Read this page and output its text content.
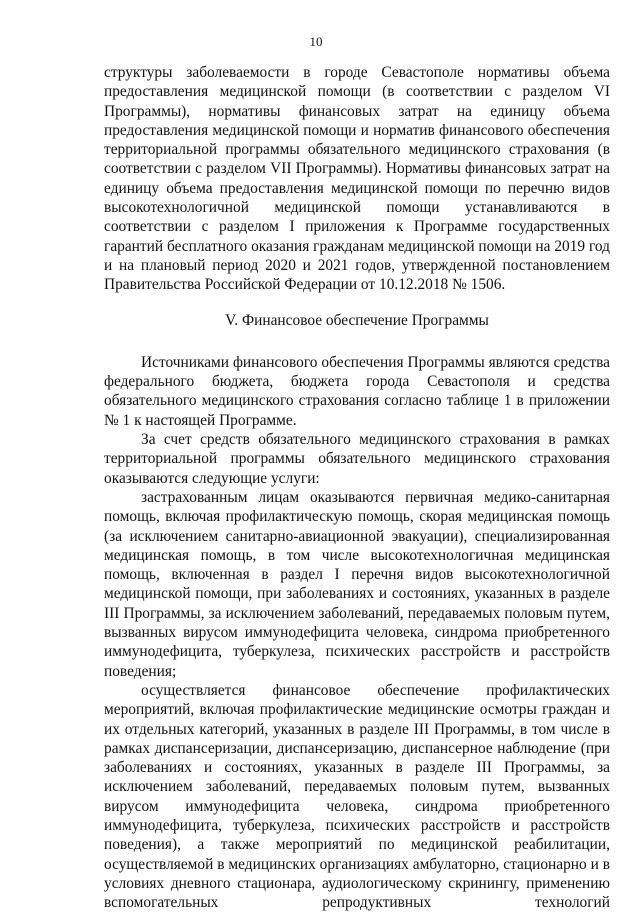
10

структуры заболеваемости в городе Севастополе нормативы объема предоставления медицинской помощи (в соответствии с разделом VI Программы), нормативы финансовых затрат на единицу объема предоставления медицинской помощи и норматив финансового обеспечения территориальной программы обязательного медицинского страхования (в соответствии с разделом VII Программы). Нормативы финансовых затрат на единицу объема предоставления медицинской помощи по перечню видов высокотехнологичной медицинской помощи устанавливаются в соответствии с разделом I приложения к Программе государственных гарантий бесплатного оказания гражданам медицинской помощи на 2019 год и на плановый период 2020 и 2021 годов, утвержденной постановлением Правительства Российской Федерации от 10.12.2018 № 1506.

V. Финансовое обеспечение Программы

Источниками финансового обеспечения Программы являются средства федерального бюджета, бюджета города Севастополя и средства обязательного медицинского страхования согласно таблице 1 в приложении № 1 к настоящей Программе.

За счет средств обязательного медицинского страхования в рамках территориальной программы обязательного медицинского страхования оказываются следующие услуги:

застрахованным лицам оказываются первичная медико-санитарная помощь, включая профилактическую помощь, скорая медицинская помощь (за исключением санитарно-авиационной эвакуации), специализированная медицинская помощь, в том числе высокотехнологичная медицинская помощь, включенная в раздел I перечня видов высокотехнологичной медицинской помощи, при заболеваниях и состояниях, указанных в разделе III Программы, за исключением заболеваний, передаваемых половым путем, вызванных вирусом иммунодефицита человека, синдрома приобретенного иммунодефицита, туберкулеза, психических расстройств и расстройств поведения;

осуществляется финансовое обеспечение профилактических мероприятий, включая профилактические медицинские осмотры граждан и их отдельных категорий, указанных в разделе III Программы, в том числе в рамках диспансеризации, диспансеризацию, диспансерное наблюдение (при заболеваниях и состояниях, указанных в разделе III Программы, за исключением заболеваний, передаваемых половым путем, вызванных вирусом иммунодефицита человека, синдрома приобретенного иммунодефицита, туберкулеза, психических расстройств и расстройств поведения), а также мероприятий по медицинской реабилитации, осуществляемой в медицинских организациях амбулаторно, стационарно и в условиях дневного стационара, аудиологическому скринингу, применению вспомогательных репродуктивных технологий
